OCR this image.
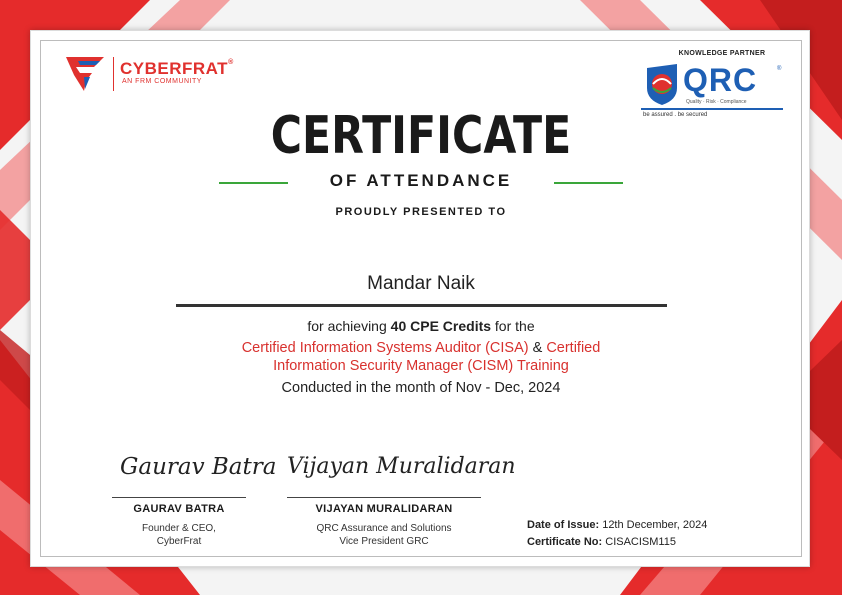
CYBERFRAT®
AN FRM COMMUNITY
KNOWLEDGE PARTNER
QRC	®
Quality · Risk · Compliance
be assured . be secured
CERTIFICATE
OF ATTENDANCE
PROUDLY PRESENTED TO
Mandar Naik
for achieving 40 CPE Credits for the
Certified Information Systems Auditor (CISA) & Certified
Information Security Manager (CISM) Training
Conducted in the month of Nov - Dec, 2024
Gaurav Batra
GAURAV BATRA
Founder & CEO,
CyberFrat
Vijayan Muralidaran
VIJAYAN MURALIDARAN
QRC Assurance and Solutions
Vice President GRC
Date of Issue: 12th December, 2024
Certificate No: CISACISM115
